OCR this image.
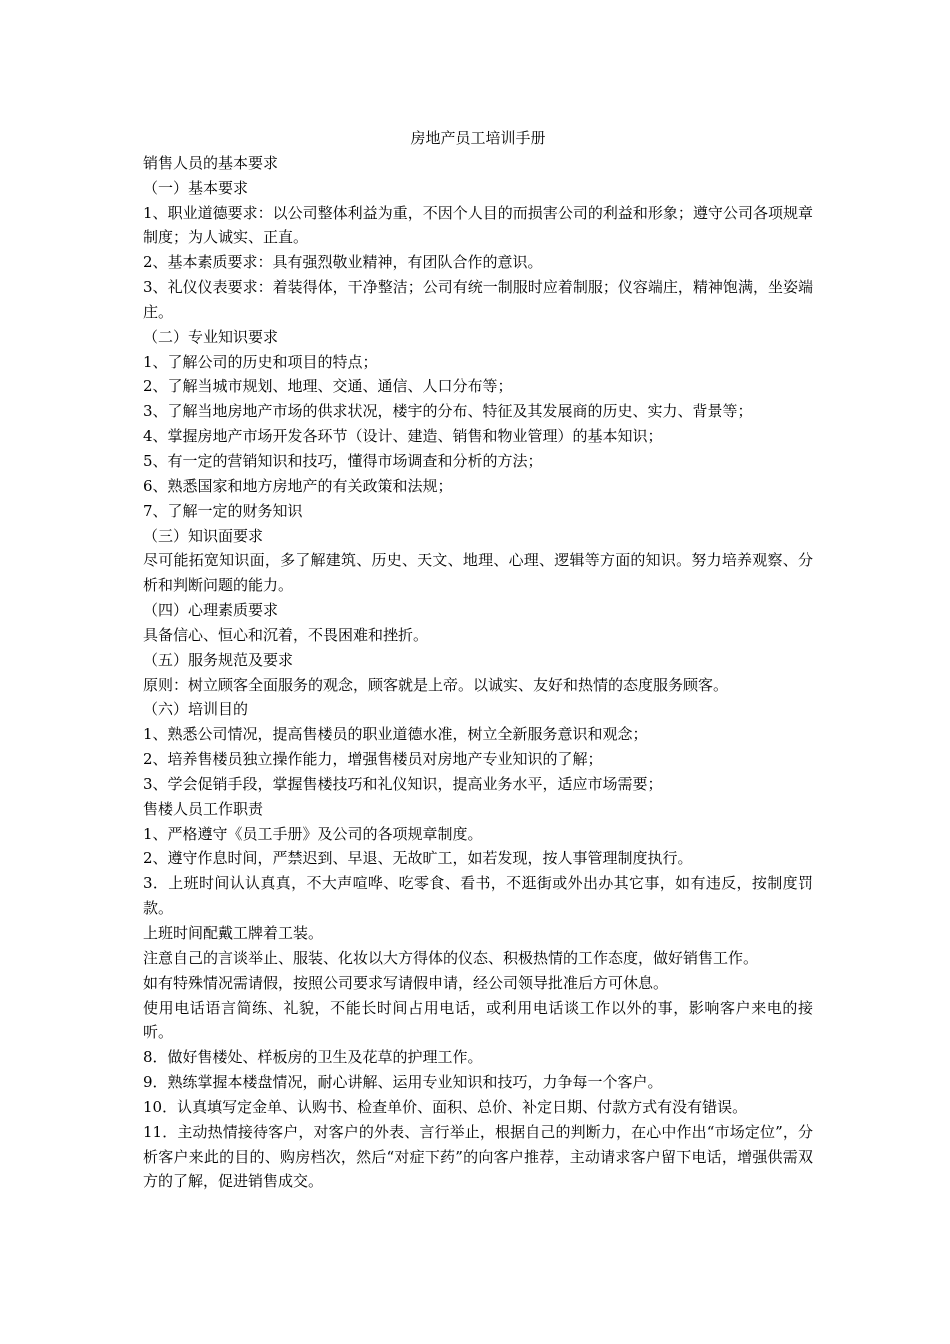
房地产员工培训手册

销售人员的基本要求

（一）基本要求

1、职业道德要求：以公司整体利益为重，不因个人目的而损害公司的利益和形象；遵守公司各项规章制度；为人诚实、正直。

2、基本素质要求：具有强烈敬业精神，有团队合作的意识。

3、礼仪仪表要求：着装得体，干净整洁；公司有统一制服时应着制服；仪容端庄，精神饱满，坐姿端庄。

（二）专业知识要求

1、了解公司的历史和项目的特点；

2、了解当城市规划、地理、交通、通信、人口分布等；

3、了解当地房地产市场的供求状况，楼宇的分布、特征及其发展商的历史、实力、背景等；

4、掌握房地产市场开发各环节（设计、建造、销售和物业管理）的基本知识；

5、有一定的营销知识和技巧，懂得市场调查和分析的方法；

6、熟悉国家和地方房地产的有关政策和法规；

7、了解一定的财务知识

（三）知识面要求

尽可能拓宽知识面，多了解建筑、历史、天文、地理、心理、逻辑等方面的知识。努力培养观察、分析和判断问题的能力。

（四）心理素质要求

具备信心、恒心和沉着，不畏困难和挫折。

（五）服务规范及要求

原则：树立顾客全面服务的观念，顾客就是上帝。以诚实、友好和热情的态度服务顾客。

（六）培训目的

1、熟悉公司情况，提高售楼员的职业道德水准，树立全新服务意识和观念；

2、培养售楼员独立操作能力，增强售楼员对房地产专业知识的了解；

3、学会促销手段，掌握售楼技巧和礼仪知识，提高业务水平，适应市场需要；

售楼人员工作职责

1、严格遵守《员工手册》及公司的各项规章制度。

2、遵守作息时间，严禁迟到、早退、无故旷工，如若发现，按人事管理制度执行。

3．上班时间认认真真，不大声喧哗、吃零食、看书，不逛街或外出办其它事，如有违反，按制度罚款。

上班时间配戴工牌着工装。

注意自己的言谈举止、服装、化妆以大方得体的仪态、积极热情的工作态度，做好销售工作。

如有特殊情况需请假，按照公司要求写请假申请，经公司领导批准后方可休息。

使用电话语言简练、礼貌，不能长时间占用电话，或利用电话谈工作以外的事，影响客户来电的接听。

8．做好售楼处、样板房的卫生及花草的护理工作。

9．熟练掌握本楼盘情况，耐心讲解、运用专业知识和技巧，力争每一个客户。

10．认真填写定金单、认购书、检查单价、面积、总价、补定日期、付款方式有没有错误。

11．主动热情接待客户，对客户的外表、言行举止，根据自己的判断力，在心中作出“市场定位”，分析客户来此的目的、购房档次，然后“对症下药”的向客户推荐，主动请求客户留下电话，增强供需双方的了解，促进销售成交。
